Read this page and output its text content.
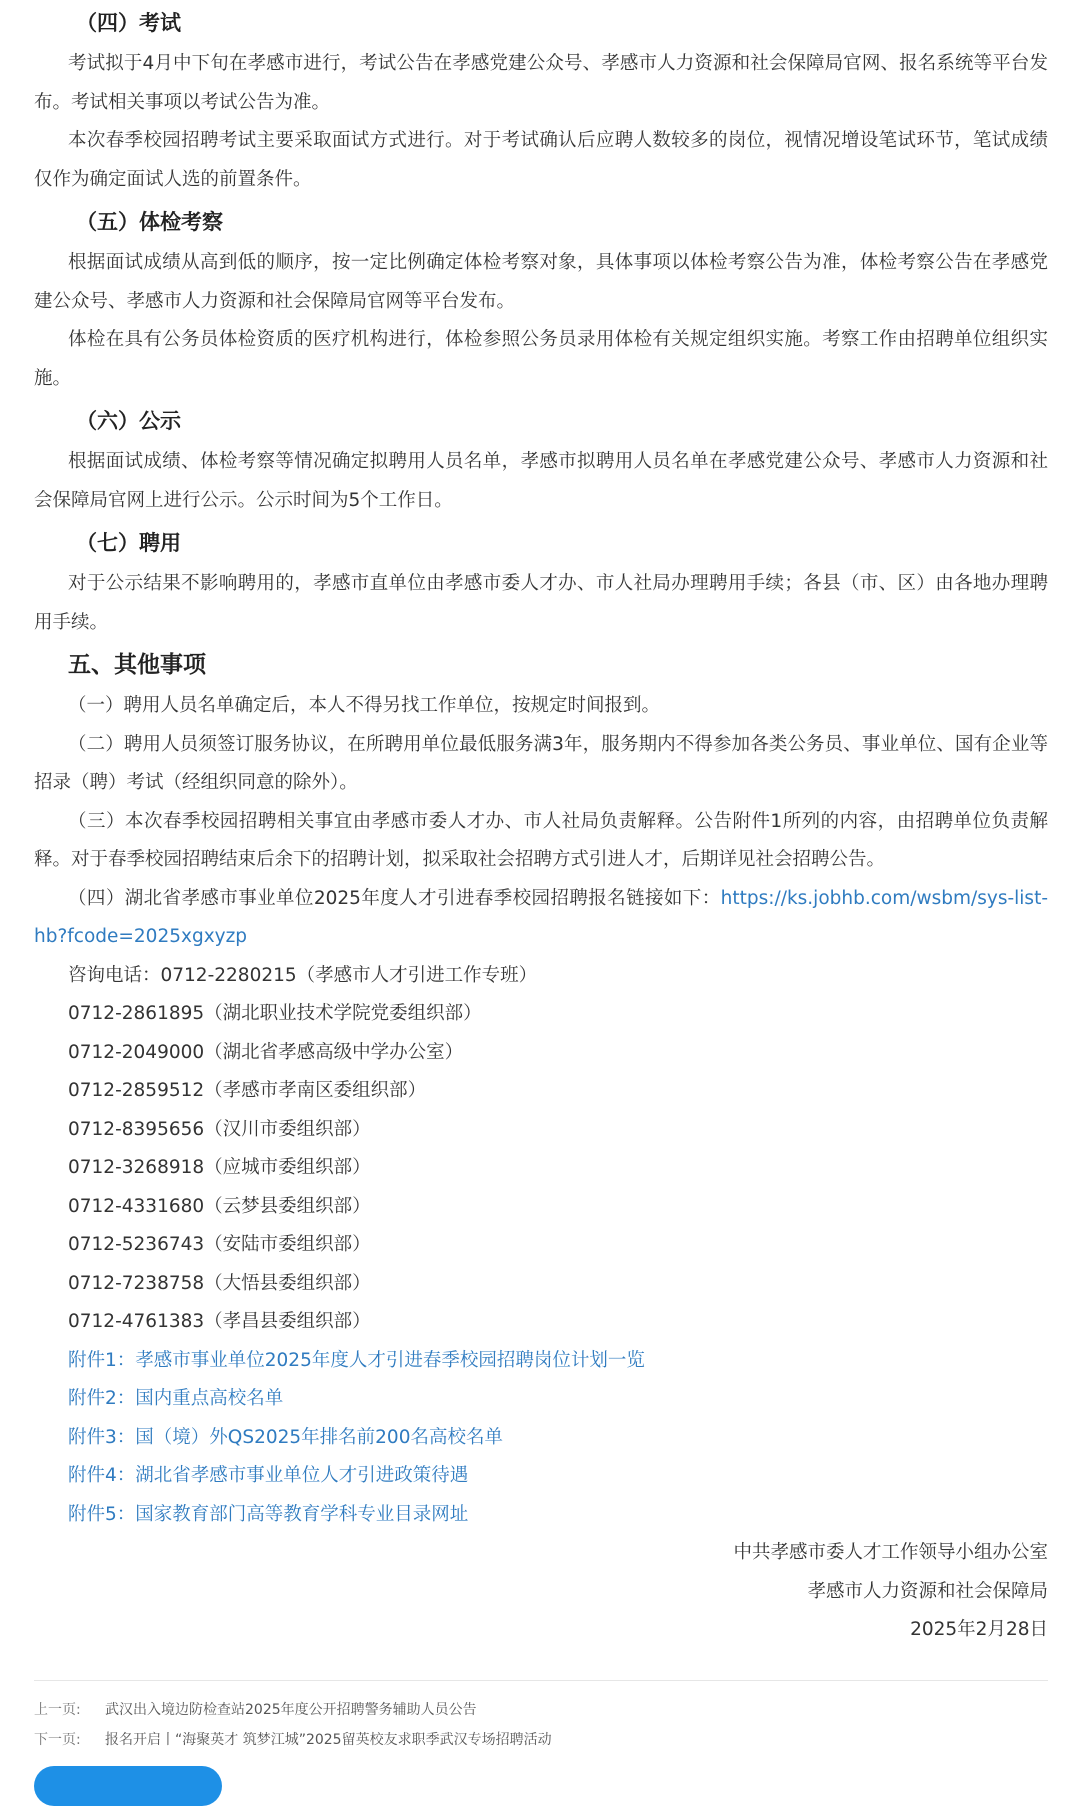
（四）考试

考试拟于4月中下旬在孝感市进行，考试公告在孝感党建公众号、孝感市人力资源和社会保障局官网、报名系统等平台发布。考试相关事项以考试公告为准。

本次春季校园招聘考试主要采取面试方式进行。对于考试确认后应聘人数较多的岗位，视情况增设笔试环节，笔试成绩仅作为确定面试人选的前置条件。

（五）体检考察

根据面试成绩从高到低的顺序，按一定比例确定体检考察对象，具体事项以体检考察公告为准，体检考察公告在孝感党建公众号、孝感市人力资源和社会保障局官网等平台发布。

体检在具有公务员体检资质的医疗机构进行，体检参照公务员录用体检有关规定组织实施。考察工作由招聘单位组织实施。

（六）公示

根据面试成绩、体检考察等情况确定拟聘用人员名单，孝感市拟聘用人员名单在孝感党建公众号、孝感市人力资源和社会保障局官网上进行公示。公示时间为5个工作日。

（七）聘用

对于公示结果不影响聘用的，孝感市直单位由孝感市委人才办、市人社局办理聘用手续；各县（市、区）由各地办理聘用手续。

五、其他事项

（一）聘用人员名单确定后，本人不得另找工作单位，按规定时间报到。

（二）聘用人员须签订服务协议，在所聘用单位最低服务满3年，服务期内不得参加各类公务员、事业单位、国有企业等招录（聘）考试（经组织同意的除外）。

（三）本次春季校园招聘相关事宜由孝感市委人才办、市人社局负责解释。公告附件1所列的内容，由招聘单位负责解释。对于春季校园招聘结束后余下的招聘计划，拟采取社会招聘方式引进人才，后期详见社会招聘公告。

（四）湖北省孝感市事业单位2025年度人才引进春季校园招聘报名链接如下：https://ks.jobhb.com/wsbm/sys-list-hb?fcode=2025xgxyzp

咨询电话：0712-2280215（孝感市人才引进工作专班）
0712-2861895（湖北职业技术学院党委组织部）
0712-2049000（湖北省孝感高级中学办公室）
0712-2859512（孝感市孝南区委组织部）
0712-8395656（汉川市委组织部）
0712-3268918（应城市委组织部）
0712-4331680（云梦县委组织部）
0712-5236743（安陆市委组织部）
0712-7238758（大悟县委组织部）
0712-4761383（孝昌县委组织部）
附件1：孝感市事业单位2025年度人才引进春季校园招聘岗位计划一览
附件2：国内重点高校名单
附件3：国（境）外QS2025年排名前200名高校名单
附件4：湖北省孝感市事业单位人才引进政策待遇
附件5：国家教育部门高等教育学科专业目录网址
中共孝感市委人才工作领导小组办公室
孝感市人力资源和社会保障局
2025年2月28日
上一页: 武汉出入境边防检查站2025年度公开招聘警务辅助人员公告
下一页: 报名开启丨“海聚英才 筑梦江城”2025留英校友求职季武汉专场招聘活动
